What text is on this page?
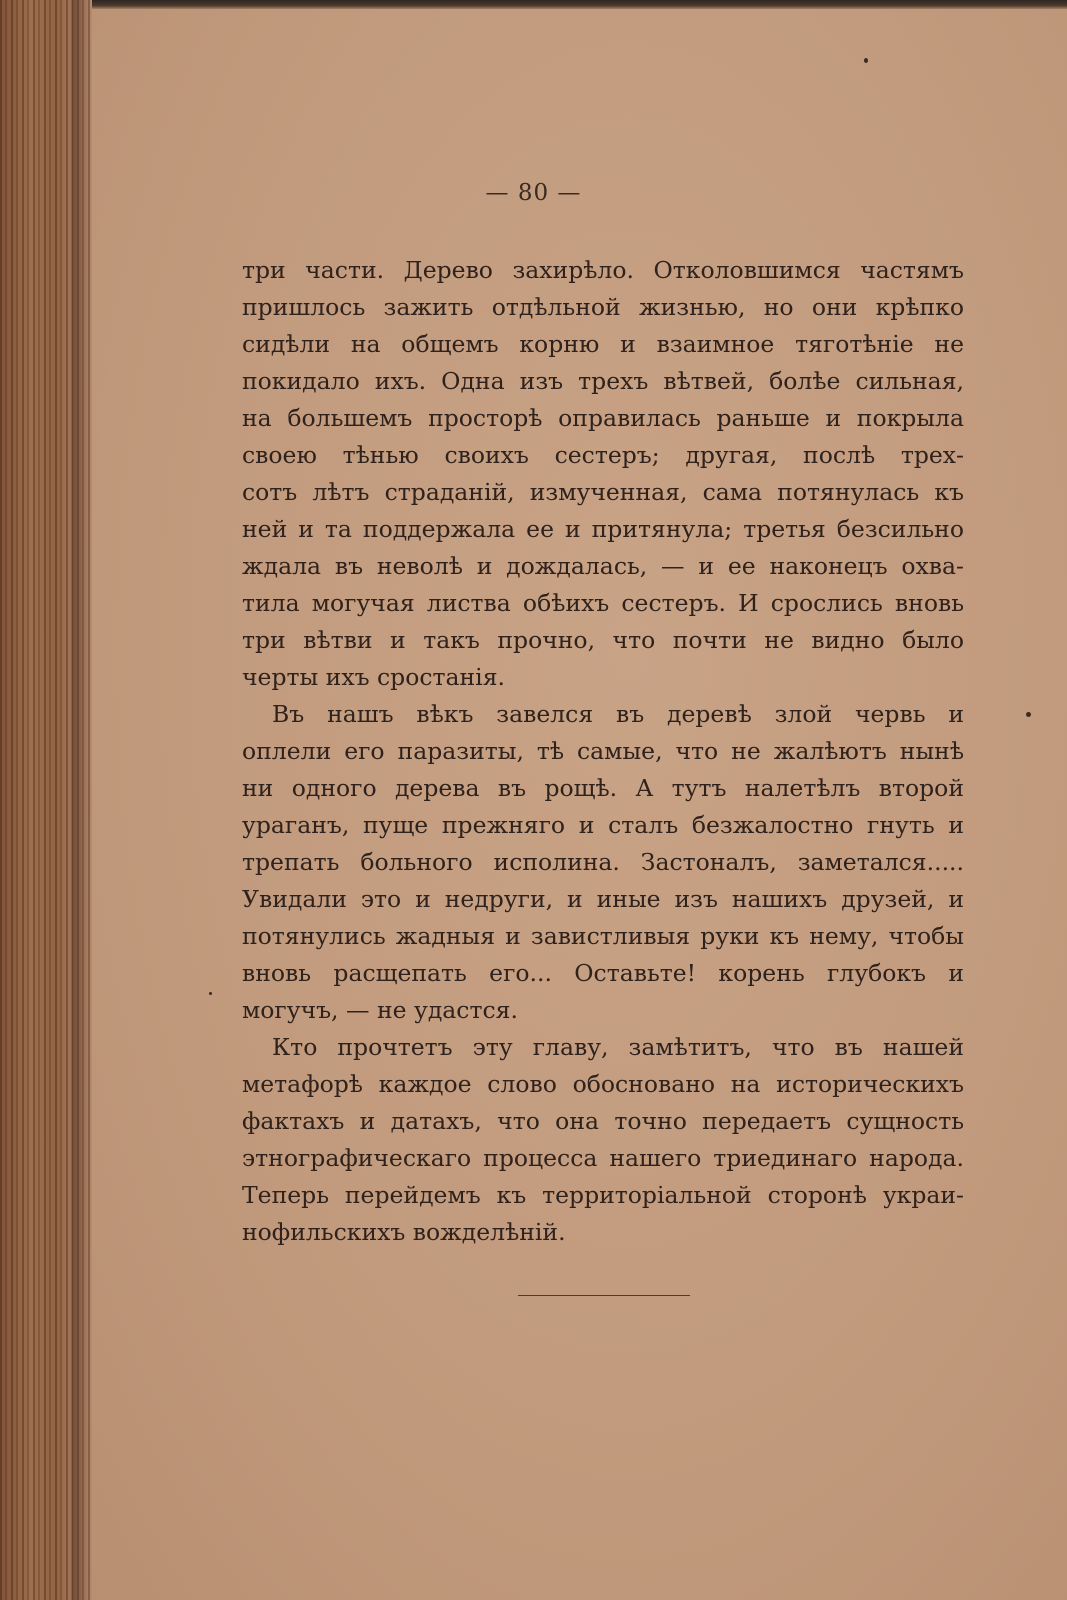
— 80 —
три части. Дерево захирѣло. Отколовшимся частямъ
пришлось зажить отдѣльной жизнью, но они крѣпко
сидѣли на общемъ корню и взаимное тяготѣніе не
покидало ихъ. Одна изъ трехъ вѣтвей, болѣе сильная,
на большемъ просторѣ оправилась раньше и покрыла
своею тѣнью своихъ сестеръ; другая, послѣ трех-
сотъ лѣтъ страданій, измученная, сама потянулась къ
ней и та поддержала ее и притянула; третья безсильно
ждала въ неволѣ и дождалась, — и ее наконецъ охва-
тила могучая листва обѣихъ сестеръ. И срослись вновь
три вѣтви и такъ прочно, что почти не видно было
черты ихъ сростанія.
Въ нашъ вѣкъ завелся въ деревѣ злой червь и
оплели его паразиты, тѣ самые, что не жалѣютъ нынѣ
ни одного дерева въ рощѣ. А тутъ налетѣлъ второй
ураганъ, пуще прежняго и сталъ безжалостно гнуть и
трепать больного исполина. Застоналъ, заметался.....
Увидали это и недруги, и иные изъ нашихъ друзей, и
потянулись жадныя и завистливыя руки къ нему, чтобы
вновь расщепать его... Оставьте! корень глубокъ и
могучъ, — не удастся.
Кто прочтетъ эту главу, замѣтитъ, что въ нашей
метафорѣ каждое слово обосновано на историческихъ
фактахъ и датахъ, что она точно передаетъ сущность
этнографическаго процесса нашего триединаго народа.
Теперь перейдемъ къ территоріальной сторонѣ украи-
нофильскихъ вожделѣній.
